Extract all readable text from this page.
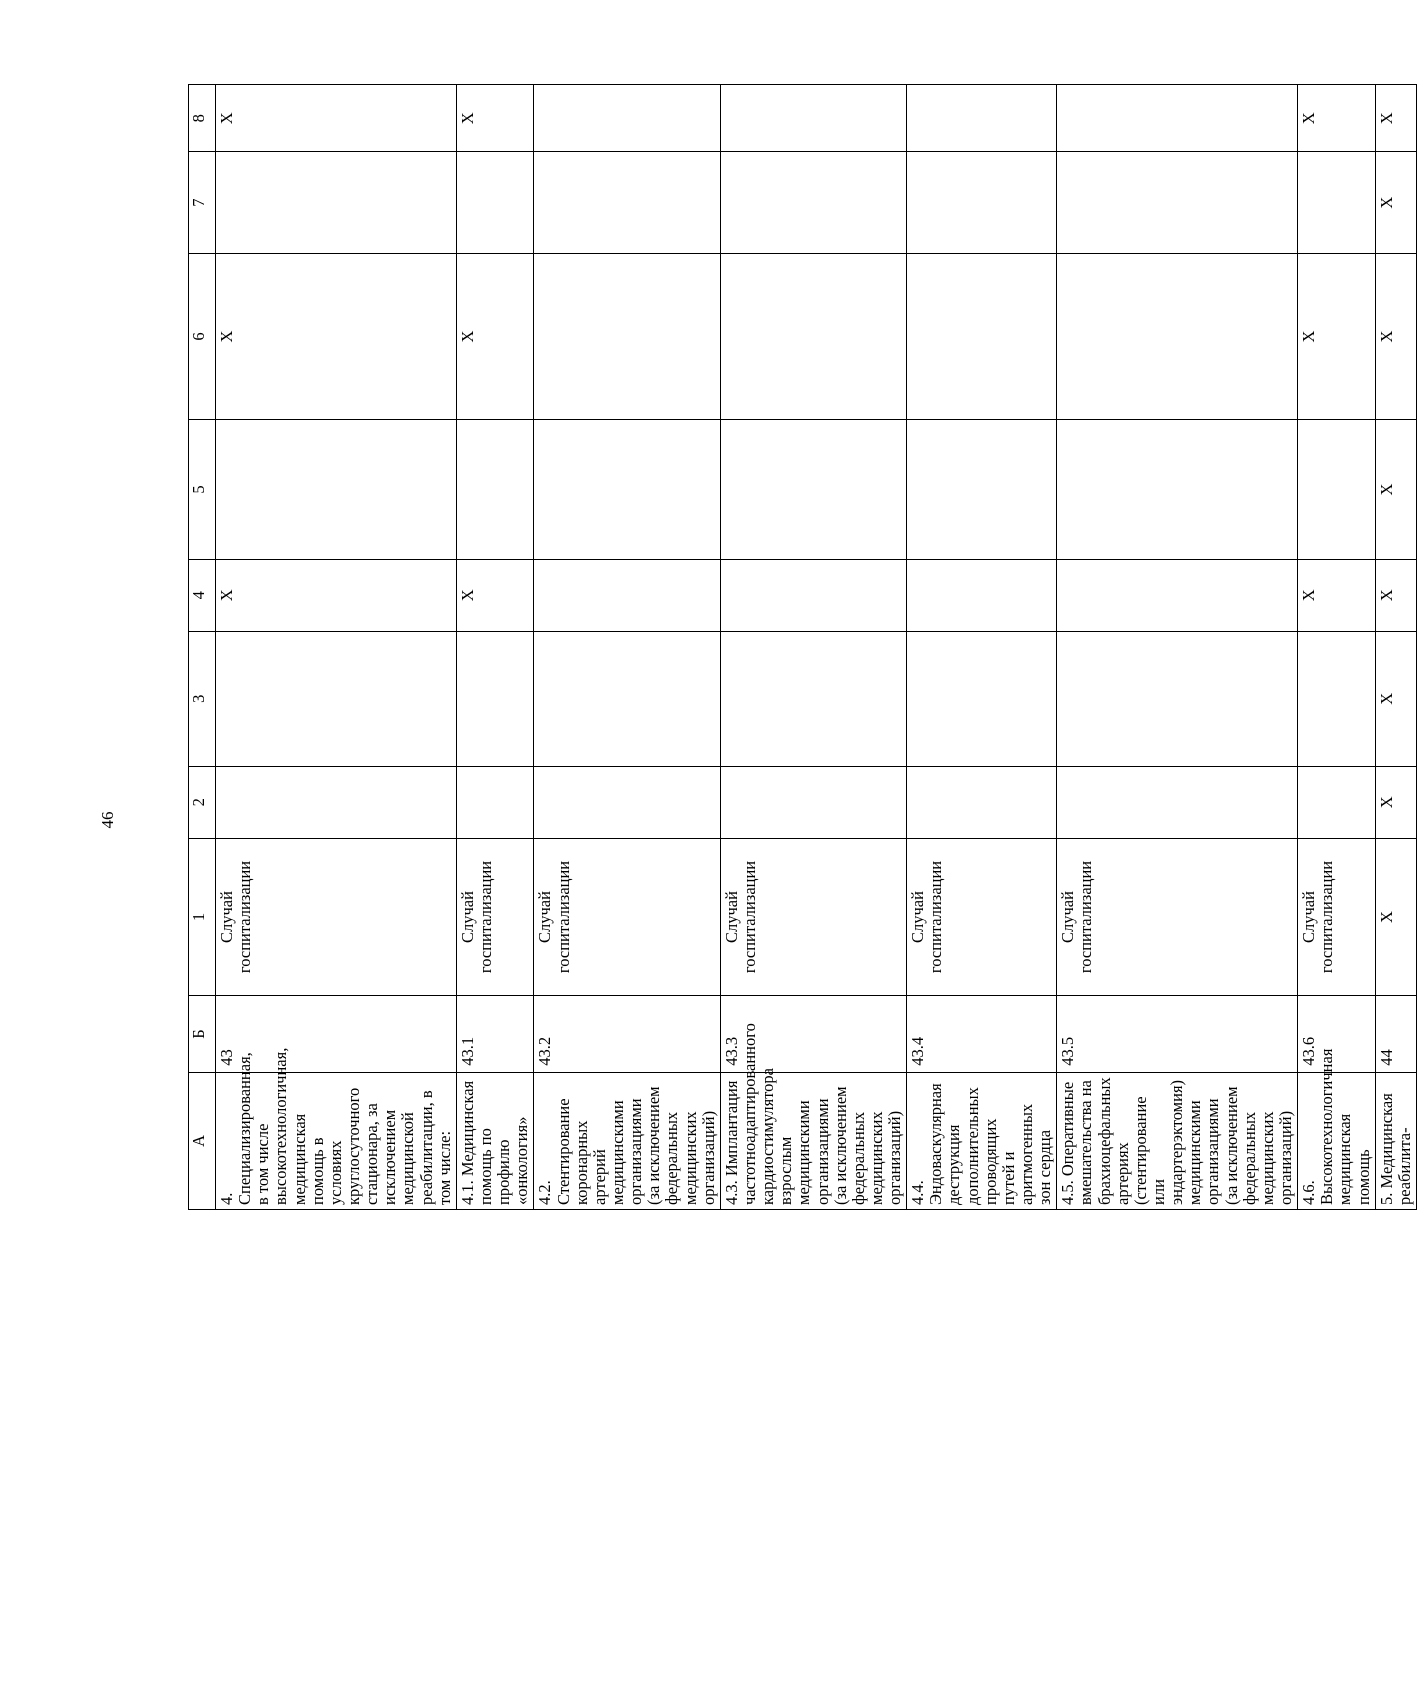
46
А	Б	1	2	3	4	5	6	7	8
4. Специализированная, в том числе высокотехнологичная, медицинская помощь в условиях круглосуточного стационара, за исключением медицинской реабилитации, в том числе:	43	Случай госпитализации			Х		Х		Х
4.1. Медицинская помощь по профилю «онкология»	43.1	Случай госпитализации			Х		Х		Х
4.2. Стентирование коронарных артерий медицинскими организациями (за исключением федеральных медицинских организаций)	43.2	Случай госпитализации							
4.3. Имплантация частотноадаптированного кардиостимулятора взрослым медицинскими организациями (за исключением федеральных медицинских организаций)	43.3	Случай госпитализации							
4.4. Эндоваскулярная деструкция дополнительных проводящих путей и аритмогенных зон сердца	43.4	Случай госпитализации							
4.5. Оперативные вмешательства на брахиоцефальных артериях (стентирование или эндартерэктомия) медицинскими организациями (за исключением федеральных медицинских организаций)	43.5	Случай госпитализации							
4.6. Высокотехнологичная медицинская помощь	43.6	Случай госпитализации			Х		Х		Х
5. Медицинская реабилита-	44	Х	Х	Х	Х	Х	Х	Х	Х
